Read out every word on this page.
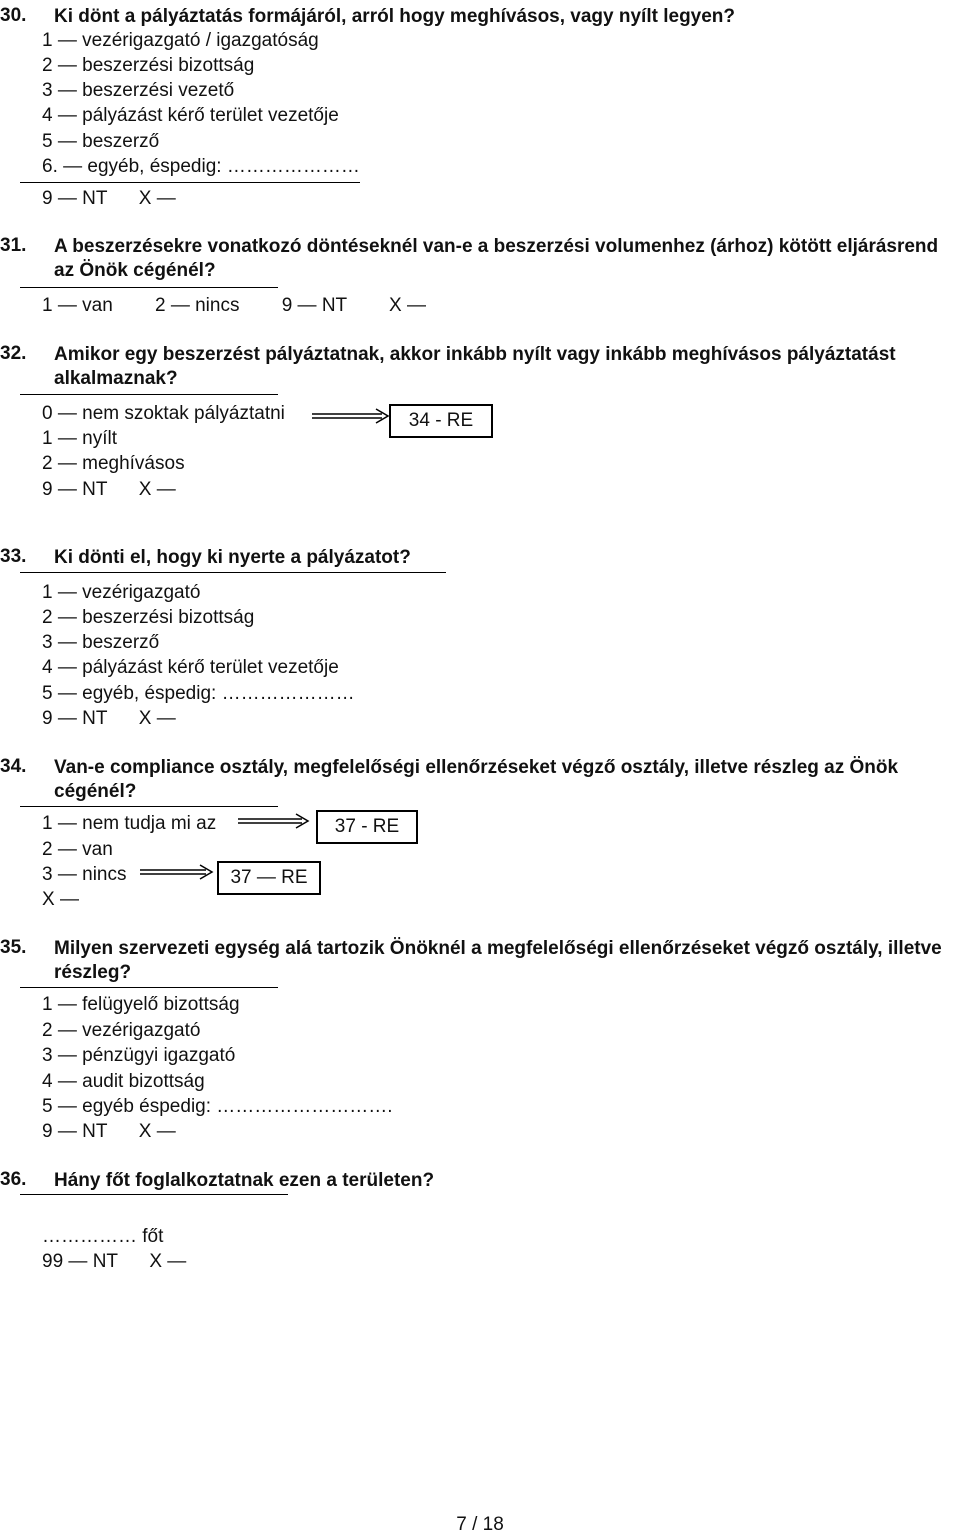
30. Ki dönt a pályáztatás formájáról, arról hogy meghívásos, vagy nyílt legyen?
1 — vezérigazgató / igazgatóság
2 — beszerzési bizottság
3 — beszerzési vezető
4 — pályázást kérő terület vezetője
5 — beszerző
6. — egyéb, éspedig: …………………
9 — NT      X —
31. A beszerzésekre vonatkozó döntéseknél van-e a beszerzési volumenhez (árhoz) kötött eljárásrend az Önök cégénél?
1 — van        2 — nincs        9 — NT        X —
32. Amikor egy beszerzést pályáztatnak, akkor inkább nyílt vagy inkább meghívásos pályáztatást alkalmaznak?
0 — nem szoktak pályáztatni
1 — nyílt
2 — meghívásos
9 — NT      X —
34 - RE
33. Ki dönti el, hogy ki nyerte a pályázatot?
1 — vezérigazgató
2 — beszerzési bizottság
3 — beszerző
4 — pályázást kérő terület vezetője
5 — egyéb, éspedig: …………………
9 — NT      X —
34. Van-e compliance osztály, megfelelőségi ellenőrzéseket végző osztály, illetve részleg az Önök cégénél?
1 — nem tudja mi az
2 — van
3 — nincs
X —
37 - RE
37 — RE
35. Milyen szervezeti egység alá tartozik Önöknél a megfelelőségi ellenőrzéseket végző osztály, illetve részleg?
1 — felügyelő bizottság
2 — vezérigazgató
3 — pénzügyi igazgató
4 — audit bizottság
5 — egyéb éspedig: ……………………….
9 — NT      X —
36. Hány főt foglalkoztatnak ezen a területen?
…………… főt
99 — NT      X —
7 / 18
